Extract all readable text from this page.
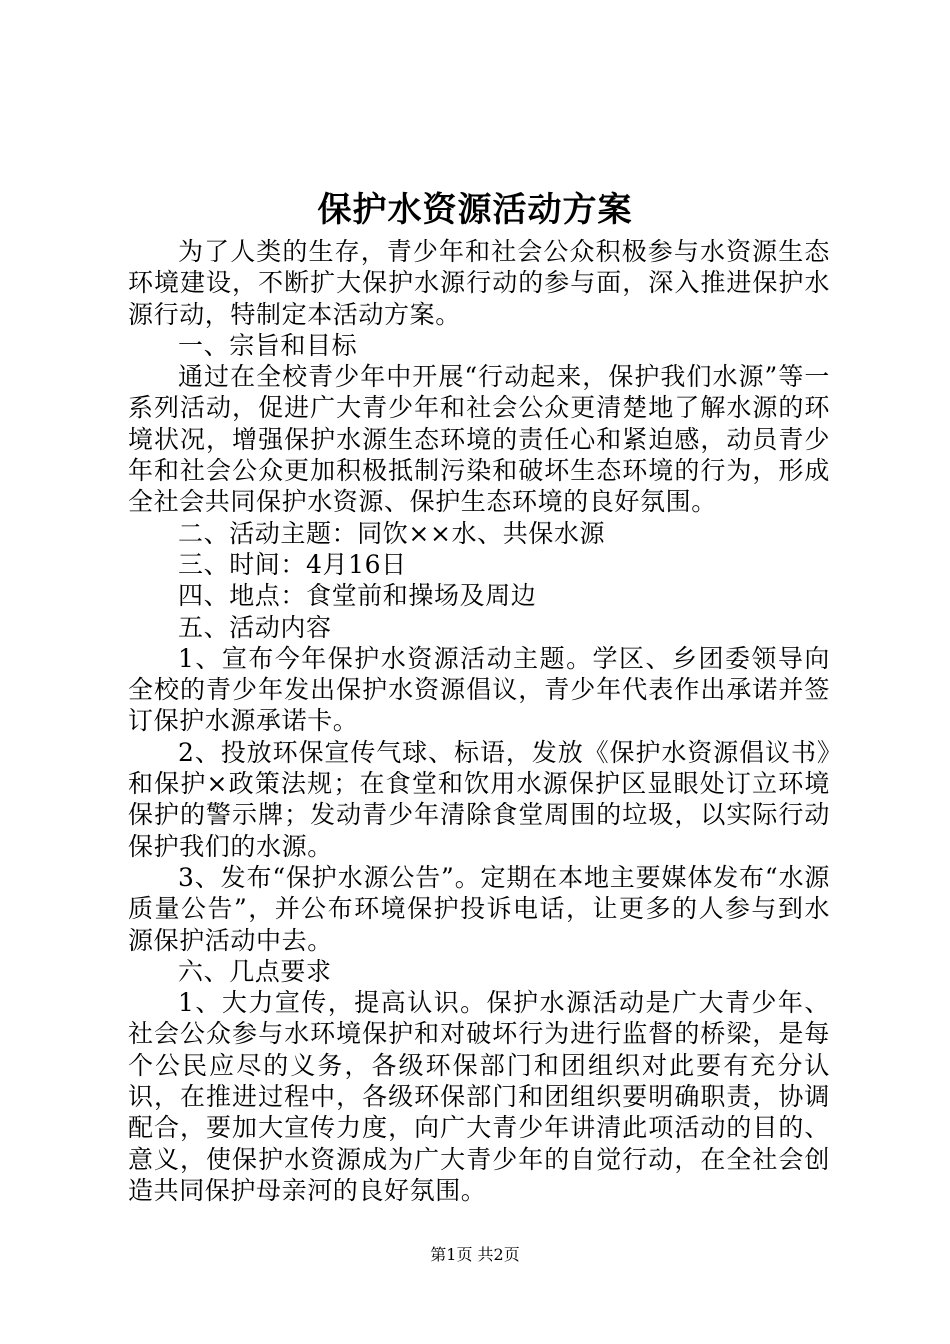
保护水资源活动方案

为了人类的生存，青少年和社会公众积极参与水资源生态环境建设，不断扩大保护水源行动的参与面，深入推进保护水源行动，特制定本活动方案。

一、宗旨和目标

通过在全校青少年中开展“行动起来，保护我们水源”等一系列活动，促进广大青少年和社会公众更清楚地了解水源的环境状况，增强保护水源生态环境的责任心和紧迫感，动员青少年和社会公众更加积极抵制污染和破坏生态环境的行为，形成全社会共同保护水资源、保护生态环境的良好氛围。

二、活动主题：同饮××水、共保水源

三、时间：4月16日

四、地点：食堂前和操场及周边

五、活动内容

1、宣布今年保护水资源活动主题。学区、乡团委领导向全校的青少年发出保护水资源倡议，青少年代表作出承诺并签订保护水源承诺卡。

2、投放环保宣传气球、标语，发放《保护水资源倡议书》和保护×政策法规；在食堂和饮用水源保护区显眼处订立环境保护的警示牌；发动青少年清除食堂周围的垃圾，以实际行动保护我们的水源。

3、发布“保护水源公告”。定期在本地主要媒体发布“水源质量公告”，并公布环境保护投诉电话，让更多的人参与到水源保护活动中去。

六、几点要求

1、大力宣传，提高认识。保护水源活动是广大青少年、社会公众参与水环境保护和对破坏行为进行监督的桥梁，是每个公民应尽的义务，各级环保部门和团组织对此要有充分认识，在推进过程中，各级环保部门和团组织要明确职责，协调配合，要加大宣传力度，向广大青少年讲清此项活动的目的、意义，使保护水资源成为广大青少年的自觉行动，在全社会创造共同保护母亲河的良好氛围。

第1页 共2页
